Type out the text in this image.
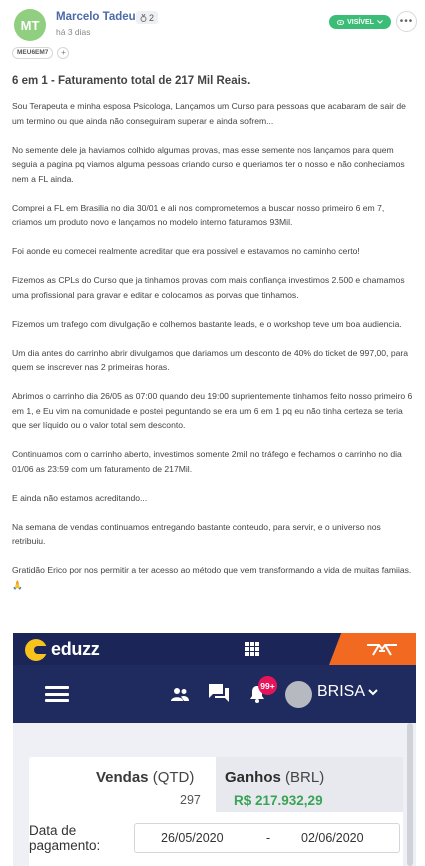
MT
Marcelo Tadeu 2
há 3 dias
VISÍVEL	•••
MEU6EM7	+
6 em 1 - Faturamento total de 217 Mil Reais.

Sou Terapeuta e minha esposa Psicologa, Lançamos um Curso para pessoas que acabaram de sair de um termino ou que ainda não conseguiram superar e ainda sofrem...

No semente dele ja haviamos colhido algumas provas, mas esse semente nos lançamos para quem seguia a pagina pq viamos alguma pessoas criando curso e queriamos ter o nosso e não conheciamos nem a FL ainda.

Comprei a FL em Brasilia no dia 30/01 e ali nos comprometemos a buscar nosso primeiro 6 em 7, criamos um produto novo e lançamos no modelo interno faturamos 93Mil.

Foi aonde eu comecei realmente acreditar que era possivel e estavamos no caminho certo!

Fizemos as CPLs do Curso que ja tinhamos provas com mais confiança investimos 2.500 e chamamos uma profissional para gravar e editar e colocamos as porvas que tinhamos.

Fizemos um trafego com divulgação e colhemos bastante leads, e o workshop teve um boa audiencia.

Um dia antes do carrinho abrir divulgamos que dariamos um desconto de 40% do ticket de 997,00, para quem se inscrever nas 2 primeiras horas.

Abrimos o carrinho dia 26/05 as 07:00 quando deu 19:00 suprientemente tinhamos feito nosso primeiro 6 em 1, e Eu vim na comunidade e postei peguntando se era um 6 em 1 pq eu não tinha certeza se teria que ser líquido ou o valor total sem desconto.

Continuamos com o carrinho aberto, investimos somente 2mil no tráfego e fechamos o carrinho no dia 01/06 as 23:59 com um faturamento de 217Mil.

E ainda não estamos acreditando...

Na semana de vendas continuamos entregando bastante conteudo, para servir, e o universo nos retribuiu.

Gratidão Erico por nos permitir a ter acesso ao método que vem transformando a vida de muitas famiias. 🙏

eduzz
99+	BRISA
Vendas (QTD)
297
Ganhos (BRL)
R$ 217.932,29
Data de pagamento:	26/05/2020	- 02/06/2020
